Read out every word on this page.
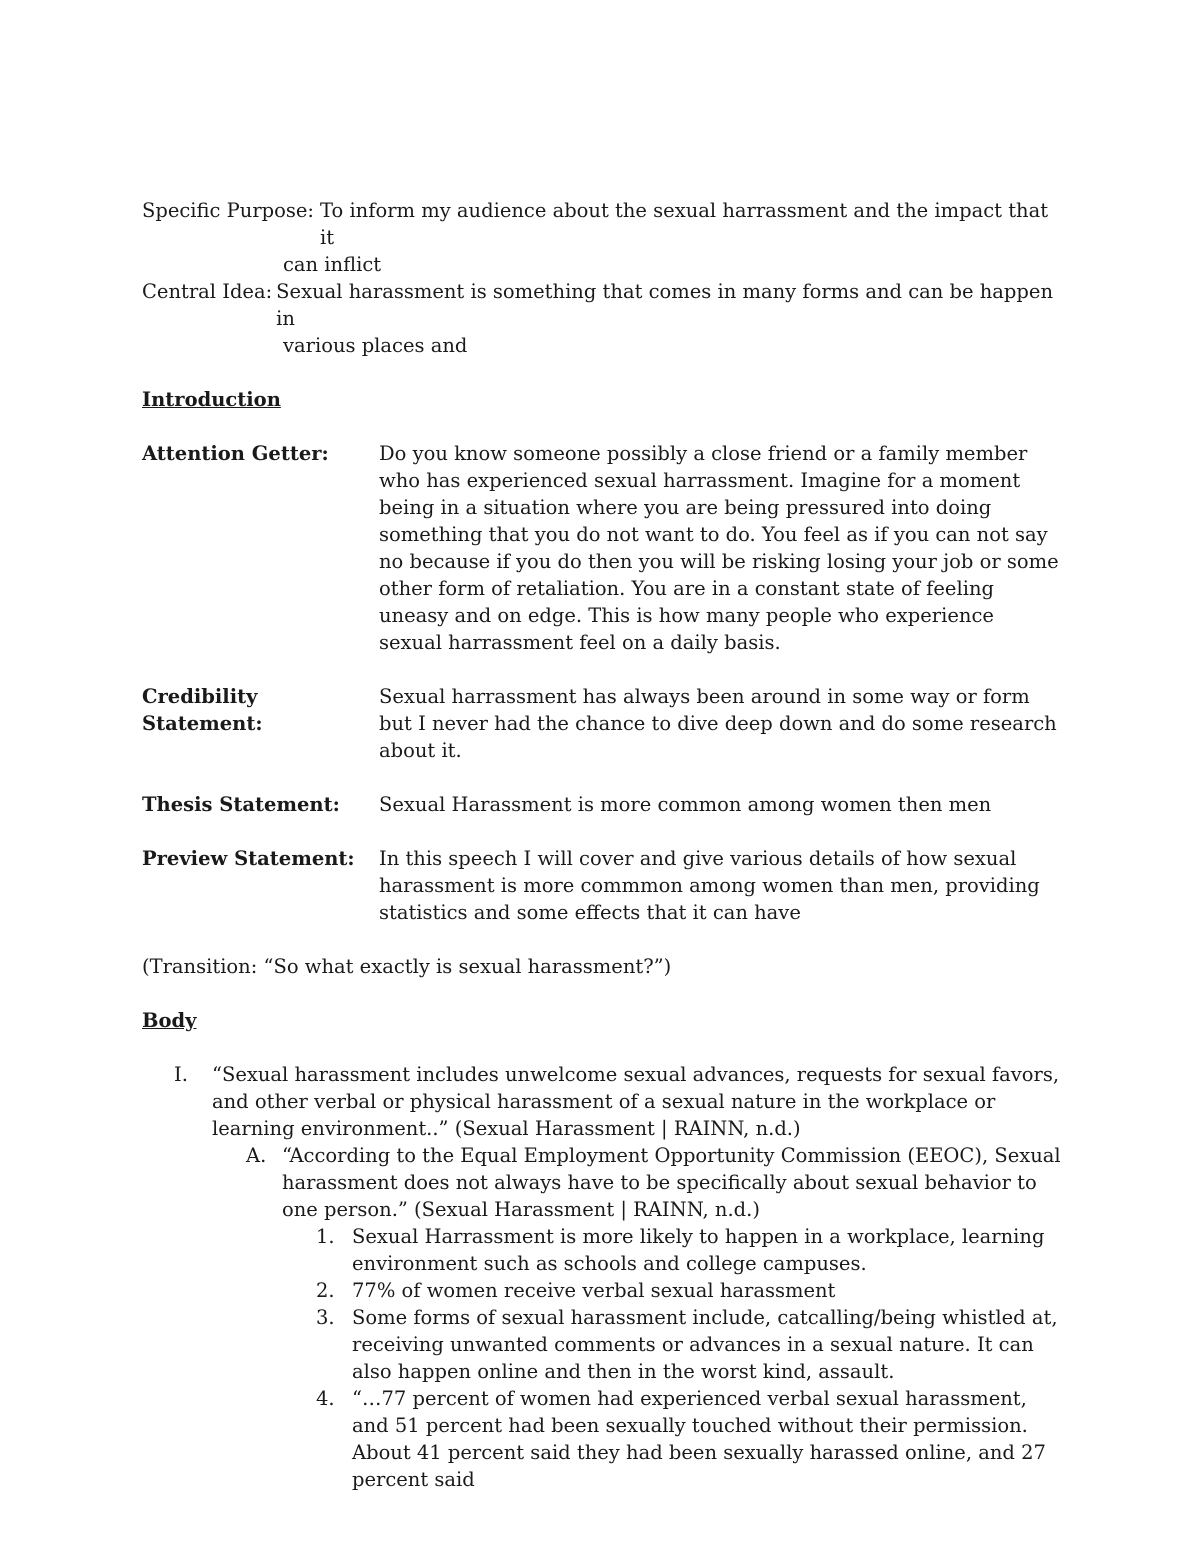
Specific Purpose: To inform my audience about the sexual harrassment and the impact that it
can inflict
Central Idea: Sexual harassment is something that comes in many forms and can be happen in
various places and
Introduction
Attention Getter:	Do you know someone possibly a close friend or a family member who has experienced sexual harrassment. Imagine for a moment being in a situation where you are being pressured into doing something that you do not want to do. You feel as if you can not say no because if you do then you will be risking losing your job or some other form of retaliation. You are in a constant state of feeling uneasy and on edge. This is how many people who experience sexual harrassment feel on a daily basis.
Credibility Statement:
Sexual harrassment has always been around in some way or form but I never had the chance to dive deep down and do some research about it.
Thesis Statement:	Sexual Harassment is more common among women then men
Preview Statement:	In this speech I will cover and give various details of how sexual harassment is more commmon among women than men, providing statistics and some effects that it can have
(Transition: “So what exactly is sexual harassment?”)
Body
I.	“Sexual harassment includes unwelcome sexual advances, requests for sexual favors, and other verbal or physical harassment of a sexual nature in the workplace or learning environment..” (Sexual Harassment | RAINN, n.d.)
A. “According to the Equal Employment Opportunity Commission (EEOC), Sexual harassment does not always have to be specifically about sexual behavior to one person.” (Sexual Harassment | RAINN, n.d.)
1. Sexual Harrassment is more likely to happen in a workplace, learning environment such as schools and college campuses.
2. 77% of women receive verbal sexual harassment
3. Some forms of sexual harassment include, catcalling/being whistled at, receiving unwanted comments or advances in a sexual nature. It can also happen online and then in the worst kind, assault.
4. “…77 percent of women had experienced verbal sexual harassment, and 51 percent had been sexually touched without their permission. About 41 percent said they had been sexually harassed online, and 27 percent said
